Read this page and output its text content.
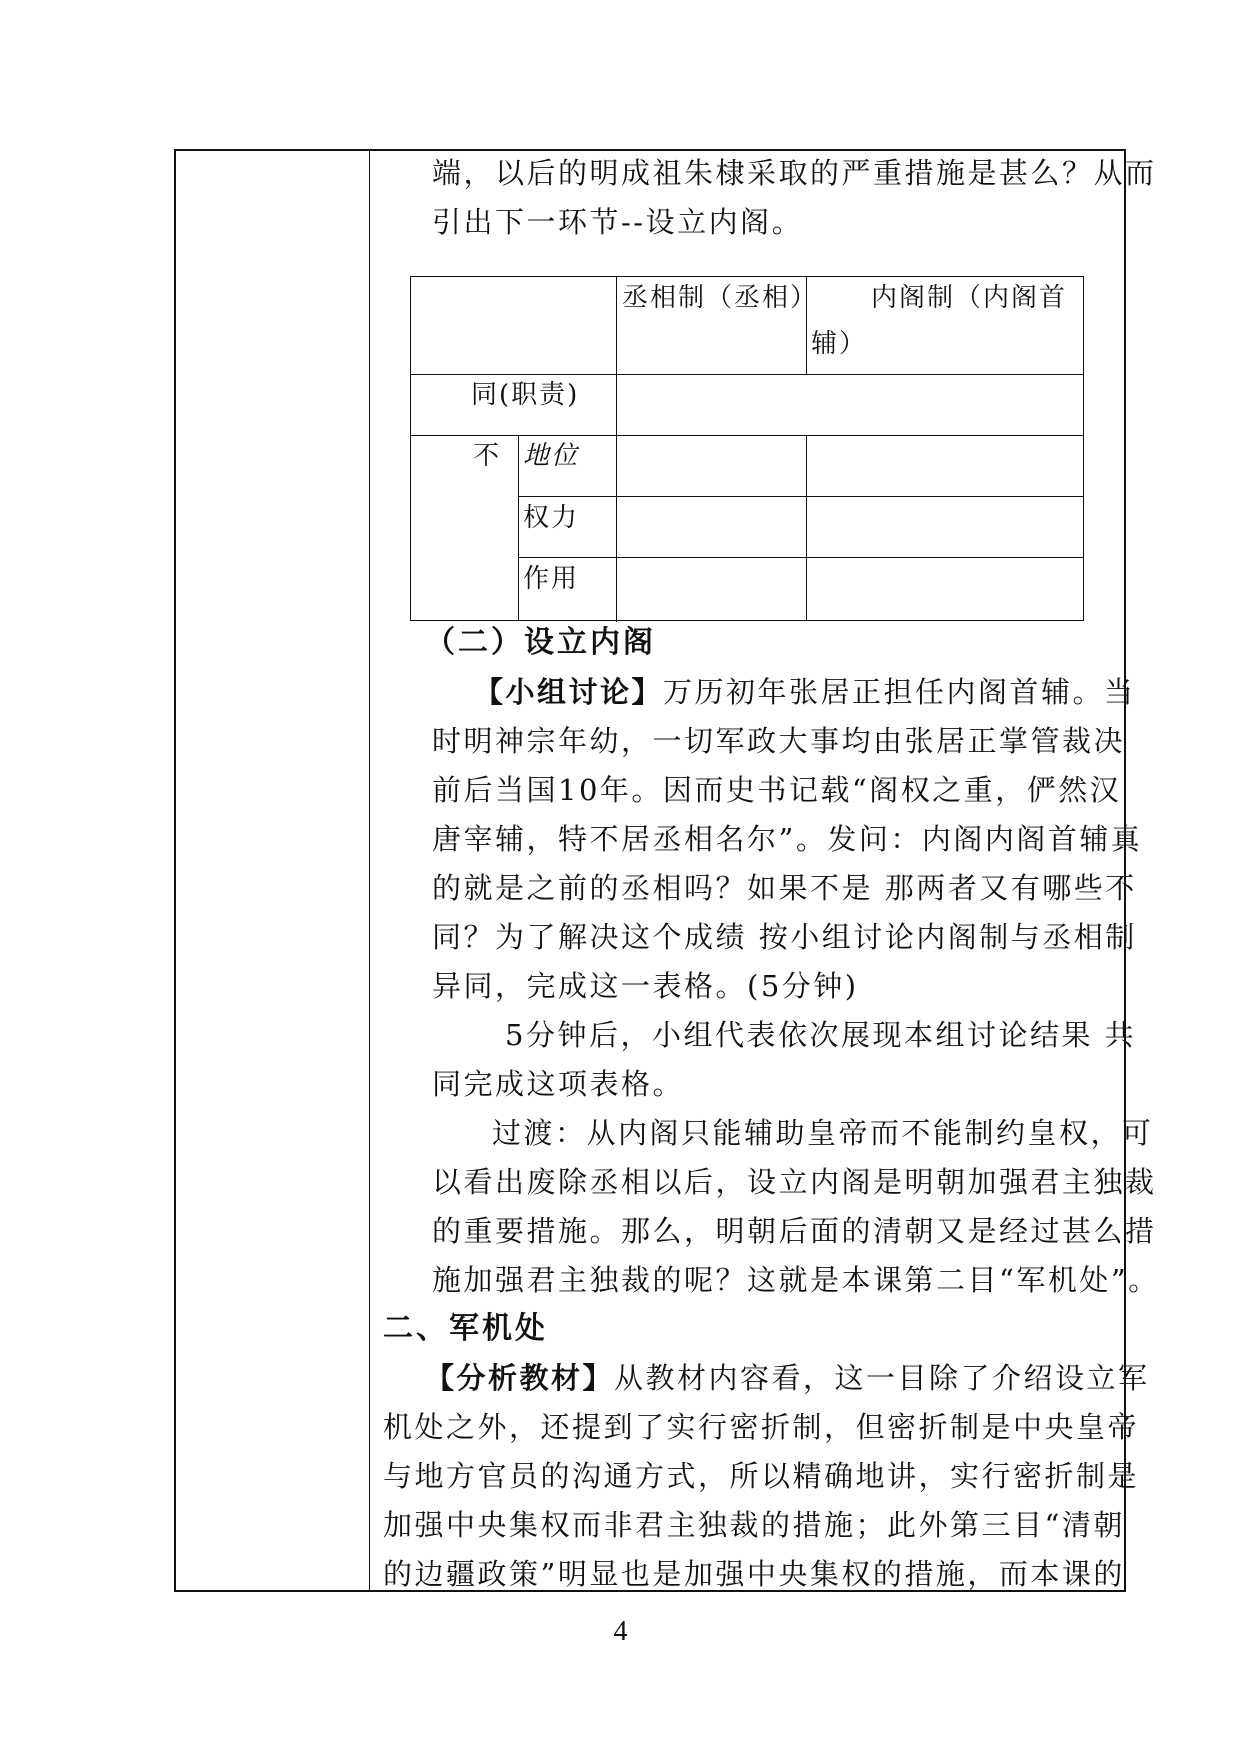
端，以后的明成祖朱棣采取的严重措施是甚么？从而
引出下一环节--设立内阁。
丞相制（丞相） 内阁制（内阁首
辅）
同(职责)
不 地位
权力
作用
（二）设立内阁
【小组讨论】万历初年张居正担任内阁首辅。当
时明神宗年幼，一切军政大事均由张居正掌管裁决
前后当国10年。因而史书记载“阁权之重，俨然汉
唐宰辅，特不居丞相名尔”。发问：内阁内阁首辅真
的就是之前的丞相吗？如果不是 那两者又有哪些不
同？为了解决这个成绩 按小组讨论内阁制与丞相制
异同，完成这一表格。(5分钟)
5分钟后，小组代表依次展现本组讨论结果 共
同完成这项表格。
过渡：从内阁只能辅助皇帝而不能制约皇权，可
以看出废除丞相以后，设立内阁是明朝加强君主独裁
的重要措施。那么，明朝后面的清朝又是经过甚么措
施加强君主独裁的呢？这就是本课第二目“军机处”。
二、军机处
【分析教材】从教材内容看，这一目除了介绍设立军
机处之外，还提到了实行密折制，但密折制是中央皇帝
与地方官员的沟通方式，所以精确地讲，实行密折制是
加强中央集权而非君主独裁的措施；此外第三目“清朝
的边疆政策”明显也是加强中央集权的措施，而本课的
4
